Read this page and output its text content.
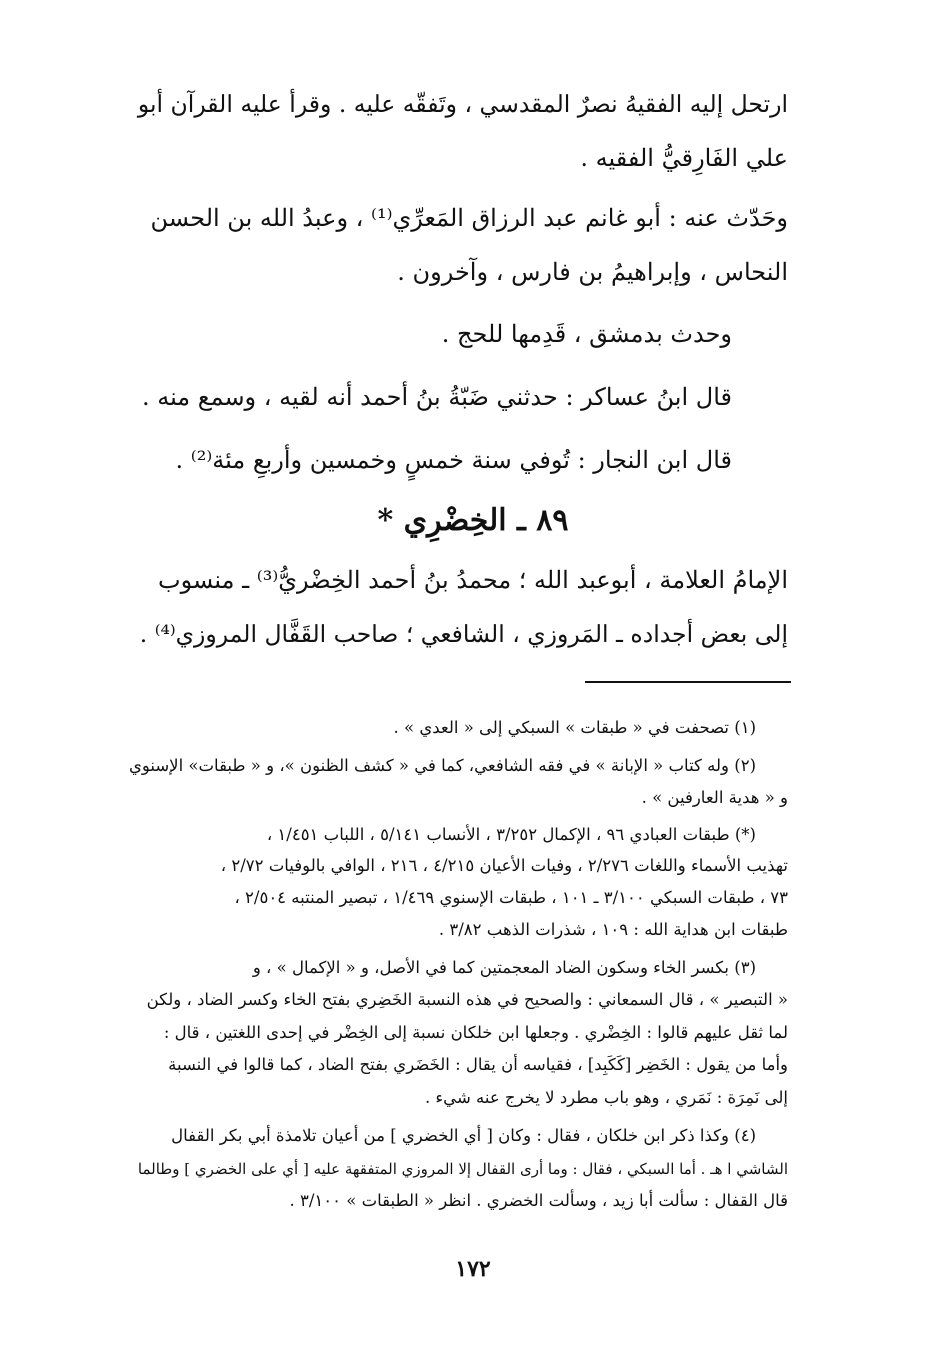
ارتحل إليه الفقيهُ نصرٌ المقدسي ، وتَفقّه عليه . وقرأ عليه القرآن أبو
علي الفَارِقيُّ الفقيه .
وحَدّث عنه : أبو غانم عبد الرزاق المَعرِّي⁽¹⁾ ، وعبدُ الله بن الحسن
النحاس ، وإبراهيمُ بن فارس ، وآخرون .
وحدث بدمشق ، قَدِمها للحج .
قال ابنُ عساكر : حدثني ضَبّةُ بنُ أحمد أنه لقيه ، وسمع منه .
قال ابن النجار : تُوفي سنة خمسٍ وخمسين وأربعِ مئة⁽²⁾ .
٨٩ ـ الخِضْرِي *
الإمامُ العلامة ، أبوعبد الله ؛ محمدُ بنُ أحمد الخِضْريُّ⁽³⁾ ـ منسوب
إلى بعض أجداده ـ المَروزي ، الشافعي ؛ صاحب القَفَّال المروزي⁽⁴⁾ .
(١) تصحفت في « طبقات » السبكي إلى « العدي » .
(٢) وله كتاب « الإبانة » في فقه الشافعي، كما في « كشف الظنون »، و « طبقات» الإسنوي
و « هدية العارفين » .
(*) طبقات العبادي ٩٦ ، الإكمال ٣/٢٥٢ ، الأنساب ٥/١٤١ ، اللباب ١/٤٥١ ،
تهذيب الأسماء واللغات ٢/٢٧٦ ، وفيات الأعيان ٤/٢١٥ ، ٢١٦ ، الوافي بالوفيات ٢/٧٢ ،
٧٣ ، طبقات السبكي ٣/١٠٠ ـ ١٠١ ، طبقات الإسنوي ١/٤٦٩ ، تبصير المنتبه ٢/٥٠٤ ،
طبقات ابن هداية الله : ١٠٩ ، شذرات الذهب ٣/٨٢ .
(٣) بكسر الخاء وسكون الضاد المعجمتين كما في الأصل، و « الإكمال » ، و
« التبصير » ، قال السمعاني : والصحيح في هذه النسبة الخَضِري بفتح الخاء وكسر الضاد ، ولكن
لما ثقل عليهم قالوا : الخِضْري . وجعلها ابن خلكان نسبة إلى الخِضْر في إحدى اللغتين ، قال :
وأما من يقول : الخَضِر [كَكَبِد] ، فقياسه أن يقال : الخَضَري بفتح الضاد ، كما قالوا في النسبة
إلى نَمِرَة : نَمَري ، وهو باب مطرد لا يخرج عنه شيء .
(٤) وكذا ذكر ابن خلكان ، فقال : وكان [ أي الخضري ] من أعيان تلامذة أبي بكر القفال
الشاشي ا هـ . أما السبكي ، فقال : وما أرى القفال إلا المروزي المتفقهة عليه [ أي على الخضري ] وطالما
قال القفال : سألت أبا زيد ، وسألت الخضري . انظر « الطبقات » ٣/١٠٠ .
١٧٢
